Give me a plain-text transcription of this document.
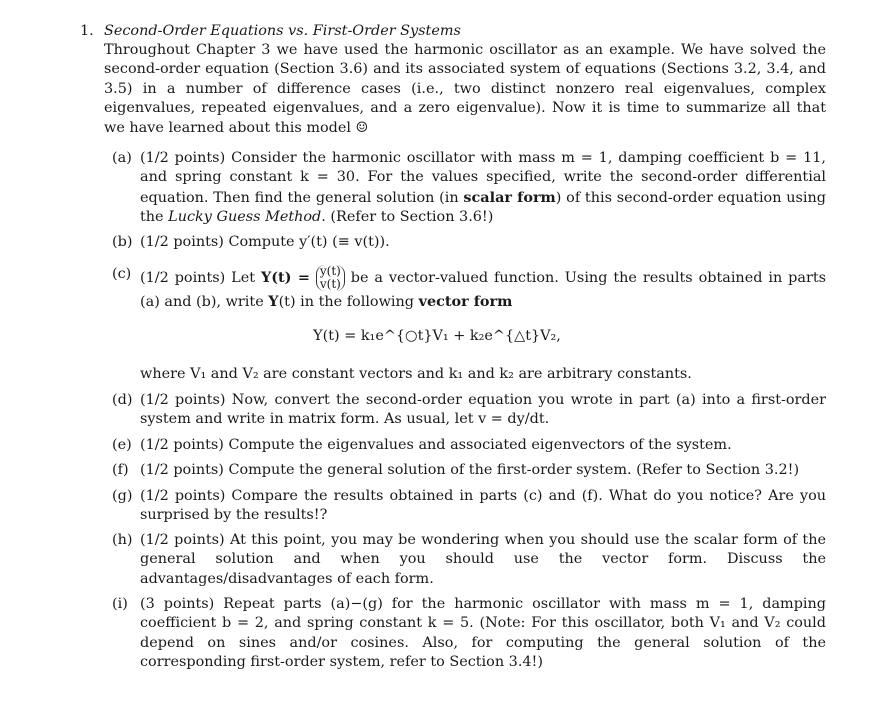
1. Second-Order Equations vs. First-Order Systems
Throughout Chapter 3 we have used the harmonic oscillator as an example. We have solved the second-order equation (Section 3.6) and its associated system of equations (Sections 3.2, 3.4, and 3.5) in a number of difference cases (i.e., two distinct nonzero real eigenvalues, complex eigenvalues, repeated eigenvalues, and a zero eigenvalue). Now it is time to summarize all that we have learned about this model ☺
(a) (1/2 points) Consider the harmonic oscillator with mass m = 1, damping coefficient b = 11, and spring constant k = 30. For the values specified, write the second-order differential equation. Then find the general solution (in scalar form) of this second-order equation using the Lucky Guess Method. (Refer to Section 3.6!)
(b) (1/2 points) Compute y′(t) (≡ v(t)).
(c) (1/2 points) Let Y(t) = y(t)
v(t) be a vector-valued function. Using the results obtained in parts (a) and (b), write Y(t) in the following vector form
Y(t) = k₁e^{○t}V₁ + k₂e^{△t}V₂,
where V₁ and V₂ are constant vectors and k₁ and k₂ are arbitrary constants.
(d) (1/2 points) Now, convert the second-order equation you wrote in part (a) into a first-order system and write in matrix form. As usual, let v = dy/dt.
(e) (1/2 points) Compute the eigenvalues and associated eigenvectors of the system.
(f) (1/2 points) Compute the general solution of the first-order system. (Refer to Section 3.2!)
(g) (1/2 points) Compare the results obtained in parts (c) and (f). What do you notice? Are you surprised by the results!?
(h) (1/2 points) At this point, you may be wondering when you should use the scalar form of the general solution and when you should use the vector form. Discuss the advantages/disadvantages of each form.
(i) (3 points) Repeat parts (a)−(g) for the harmonic oscillator with mass m = 1, damping coefficient b = 2, and spring constant k = 5. (Note: For this oscillator, both V₁ and V₂ could depend on sines and/or cosines. Also, for computing the general solution of the corresponding first-order system, refer to Section 3.4!)
